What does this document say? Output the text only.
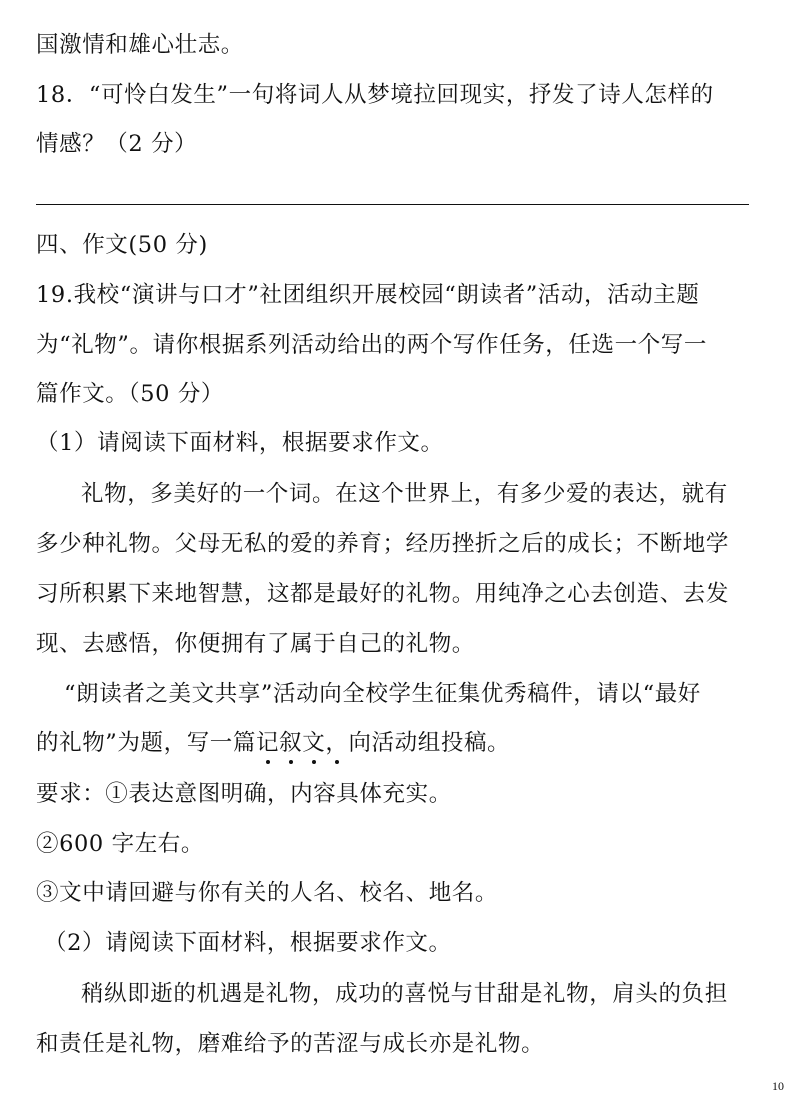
国激情和雄心壮志。
18．“可怜白发生”一句将词人从梦境拉回现实，抒发了诗人怎样的
情感？（2 分）
四、作文(50 分)
19.我校“演讲与口才”社团组织开展校园“朗读者”活动，活动主题
为“礼物”。请你根据系列活动给出的两个写作任务，任选一个写一
篇作文。（50 分）
（1）请阅读下面材料，根据要求作文。
礼物，多美好的一个词。在这个世界上，有多少爱的表达，就有
多少种礼物。父母无私的爱的养育；经历挫折之后的成长；不断地学
习所积累下来地智慧，这都是最好的礼物。用纯净之心去创造、去发
现、去感悟，你便拥有了属于自己的礼物。
“朗读者之美文共享”活动向全校学生征集优秀稿件，请以“最好
的礼物”为题，写一篇记叙文，向活动组投稿。
要求：①表达意图明确，内容具体充实。
②600 字左右。
③文中请回避与你有关的人名、校名、地名。
（2）请阅读下面材料，根据要求作文。
稍纵即逝的机遇是礼物，成功的喜悦与甘甜是礼物，肩头的负担
和责任是礼物，磨难给予的苦涩与成长亦是礼物。
10
